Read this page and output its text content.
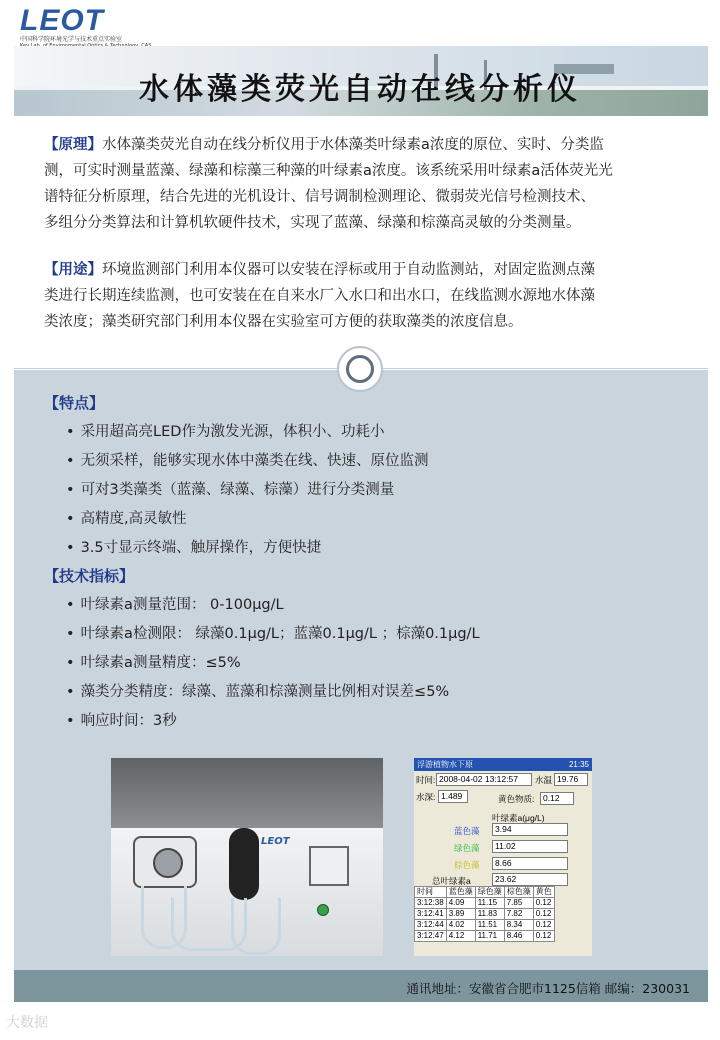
LEOT
中国科学院环境光学与技术重点实验室
水体藻类荧光自动在线分析仪
【原理】水体藻类荧光自动在线分析仪用于水体藻类叶绿素a浓度的原位、实时、分类监
测，可实时测量蓝藻、绿藻和棕藻三种藻的叶绿素a浓度。该系统采用叶绿素a活体荧光光
谱特征分析原理，结合先进的光机设计、信号调制检测理论、微弱荧光信号检测技术、
多组分分类算法和计算机软硬件技术，实现了蓝藻、绿藻和棕藻高灵敏的分类测量。
【用途】环境监测部门利用本仪器可以安装在浮标或用于自动监测站，对固定监测点藻
类进行长期连续监测，也可安装在在自来水厂入水口和出水口，在线监测水源地水体藻
类浓度；藻类研究部门利用本仪器在实验室可方便的获取藻类的浓度信息。
【特点】
• 采用超高亮LED作为激发光源，体积小、功耗小
• 无须采样，能够实现水体中藻类在线、快速、原位监测
• 可对3类藻类（蓝藻、绿藻、棕藻）进行分类测量
• 高精度,高灵敏性
• 3.5寸显示终端、触屏操作，方便快捷
【技术指标】
• 叶绿素a测量范围： 0-100μg/L
• 叶绿素a检测限： 绿藻0.1μg/L；蓝藻0.1μg/L ；棕藻0.1μg/L
• 叶绿素a测量精度：≤5%
• 藻类分类精度：绿藻、蓝藻和棕藻测量比例相对误差≤5%
• 响应时间：3秒
LEOT
浮游植物水下原	21:35
时间: 2008-04-02 13:12:57	水温 19.76
水深: 1.489	黄色物质:	0.12
叶绿素a(μg/L)
蓝色藻	3.94
绿色藻	11.02
棕色藻	8.66
总叶绿素a	23.62
时间	蓝色藻	绿色藻	棕色藻	黄色
3:12:38	4.09	11.15	7.85	0.12
3:12:41	3.89	11.83	7.82	0.12
3:12:44	4.02	11.51	8.34	0.12
3:12:47	4.12	11.71	8.46	0.12
通讯地址：安徽省合肥市1125信箱 邮编：230031
大数据
